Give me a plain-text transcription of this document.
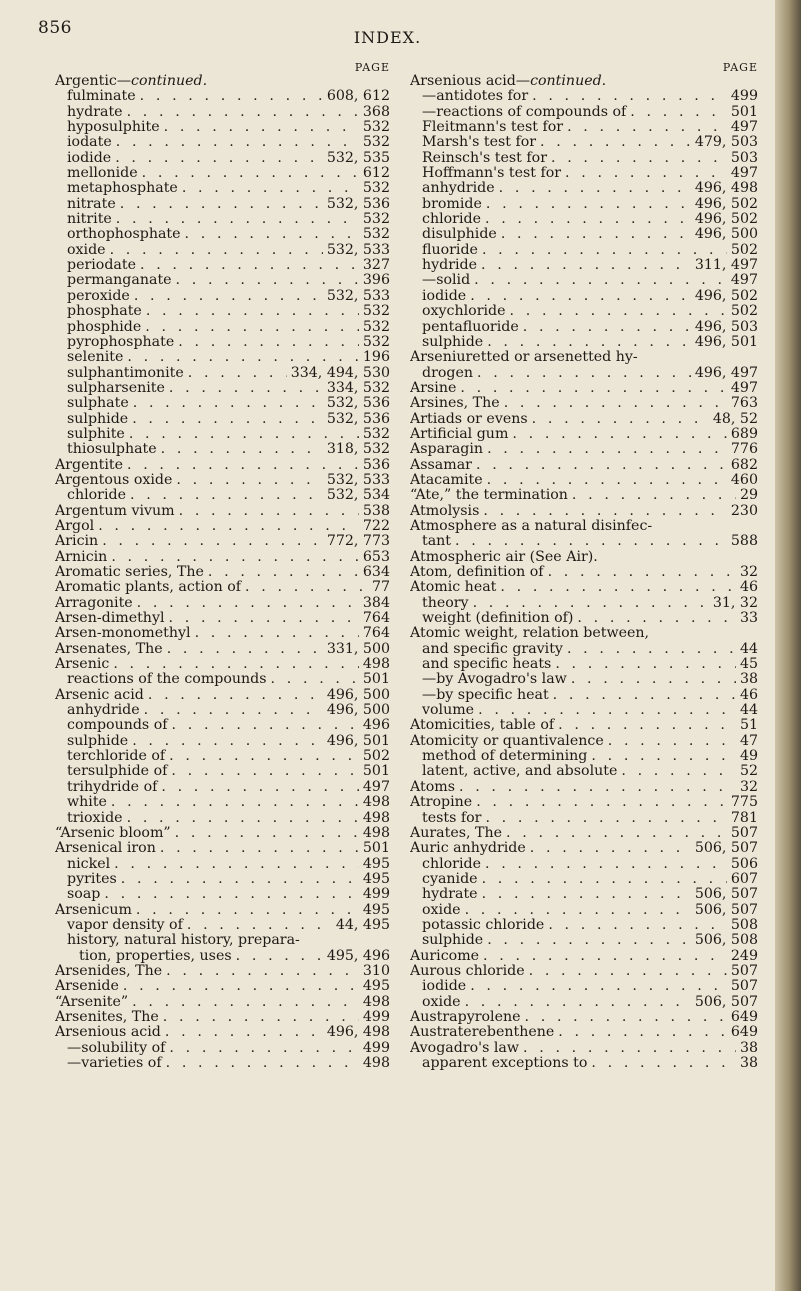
856	INDEX.
PAGE
Argentic—continued.
fulminate . . .	608, 612
hydrate . . .	368
hyposulphite . . .	532
iodate . . .	532
iodide . . .	532, 535
mellonide . . .	612
metaphosphate . . .	532
nitrate . . .	532, 536
nitrite . . .	532
orthophosphate . . .	532
oxide . . .	532, 533
periodate . . .	327
permanganate . . .	396
peroxide . . .	532, 533
phosphate . . .	532
phosphide . . .	532
pyrophosphate . . .	532
selenite . . .	196
sulphantimonite . . .	334, 494, 530
sulpharsenite . . .	334, 532
sulphate . . .	532, 536
sulphide . . .	532, 536
sulphite . . .	532
thiosulphate . . .	318, 532
Argentite . . .	536
Argentous oxide . . .	532, 533
chloride . . .	532, 534
Argentum vivum . . .	538
Argol . . .	722
Aricin . . .	772, 773
Arnicin . . .	653
Aromatic series, The . . .	634
Aromatic plants, action of . . .	77
Arragonite . . .	384
Arsen-dimethyl . . .	764
Arsen-monomethyl . . .	764
Arsenates, The . . .	331, 500
Arsenic . . .	498
reactions of the compounds . . .	501
Arsenic acid . . .	496, 500
anhydride . . .	496, 500
compounds of . . .	496
sulphide . . .	496, 501
terchloride of . . .	502
tersulphide of . . .	501
trihydride of . . .	497
white . . .	498
trioxide . . .	498
“Arsenic bloom” . . .	498
Arsenical iron . . .	501
nickel . . .	495
pyrites . . .	495
soap . . .	499
Arsenicum . . .	495
vapor density of . . .	44, 495
history, natural history, prepara-
tion, properties, uses . . .	495, 496
Arsenides, The . . .	310
Arsenide . . .	495
“Arsenite” . . .	498
Arsenites, The . . .	499
Arsenious acid . . .	496, 498
—solubility of . . .	499
—varieties of . . .	498
PAGE
Arsenious acid—continued.
—antidotes for . . .	499
—reactions of compounds of . . .	501
Fleitmann's test for . . .	497
Marsh's test for . . .	479, 503
Reinsch's test for . . .	503
Hoffmann's test for . . .	497
anhydride . . .	496, 498
bromide . . .	496, 502
chloride . . .	496, 502
disulphide . . .	496, 500
fluoride . . .	502
hydride . . .	311, 497
—solid . . .	497
iodide . . .	496, 502
oxychloride . . .	502
pentafluoride . . .	496, 503
sulphide . . .	496, 501
Arseniuretted or arsenetted hy-
drogen . . .	496, 497
Arsine . . .	497
Arsines, The . . .	763
Artiads or evens . . .	48, 52
Artificial gum . . .	689
Asparagin . . .	776
Assamar . . .	682
Atacamite . . .	460
“Ate,” the termination . . .	29
Atmolysis . . .	230
Atmosphere as a natural disinfec-
tant . . .	588
Atmospheric air (See Air).
Atom, definition of . . .	32
Atomic heat . . .	46
theory . . .	31, 32
weight (definition of) . . .	33
Atomic weight, relation between,
and specific gravity . . .	44
and specific heats . . .	45
—by Avogadro's law . . .	38
—by specific heat . . .	46
volume . . .	44
Atomicities, table of . . .	51
Atomicity or quantivalence . . .	47
method of determining . . .	49
latent, active, and absolute . . .	52
Atoms . . .	32
Atropine . . .	775
tests for . . .	781
Aurates, The . . .	507
Auric anhydride . . .	506, 507
chloride . . .	506
cyanide . . .	607
hydrate . . .	506, 507
oxide . . .	506, 507
potassic chloride . . .	508
sulphide . . .	506, 508
Auricome . . .	249
Aurous chloride . . .	507
iodide . . .	507
oxide . . .	506, 507
Austrapyrolene . . .	649
Austraterebenthene . . .	649
Avogadro's law . . .	38
apparent exceptions to . . .	38
